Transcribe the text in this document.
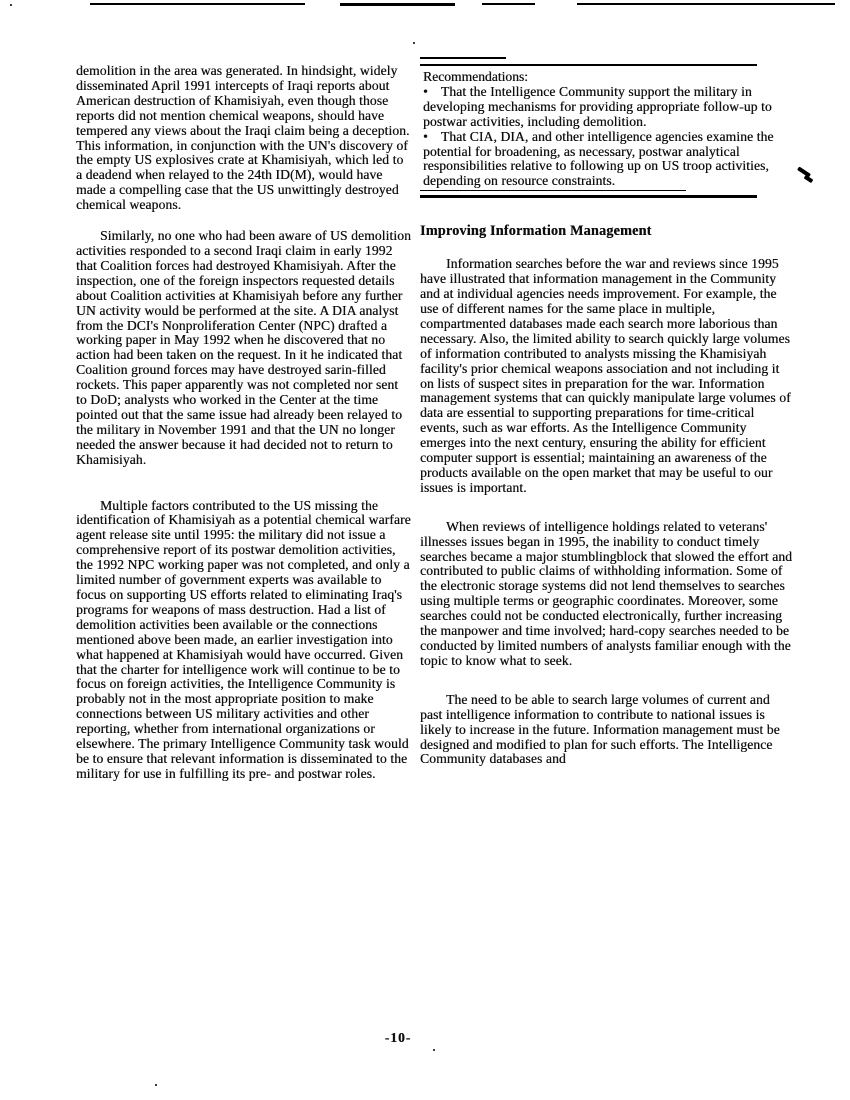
demolition in the area was generated. In hindsight, widely disseminated April 1991 intercepts of Iraqi reports about American destruction of Khamisiyah, even though those reports did not mention chemical weapons, should have tempered any views about the Iraqi claim being a deception. This information, in conjunction with the UN's discovery of the empty US explosives crate at Khamisiyah, which led to a deadend when relayed to the 24th ID(M), would have made a compelling case that the US unwittingly destroyed chemical weapons.

Similarly, no one who had been aware of US demolition activities responded to a second Iraqi claim in early 1992 that Coalition forces had destroyed Khamisiyah. After the inspection, one of the foreign inspectors requested details about Coalition activities at Khamisiyah before any further UN activity would be performed at the site. A DIA analyst from the DCI's Nonproliferation Center (NPC) drafted a working paper in May 1992 when he discovered that no action had been taken on the request. In it he indicated that Coalition ground forces may have destroyed sarin-filled rockets. This paper apparently was not completed nor sent to DoD; analysts who worked in the Center at the time pointed out that the same issue had already been relayed to the military in November 1991 and that the UN no longer needed the answer because it had decided not to return to Khamisiyah.

Multiple factors contributed to the US missing the identification of Khamisiyah as a potential chemical warfare agent release site until 1995: the military did not issue a comprehensive report of its postwar demolition activities, the 1992 NPC working paper was not completed, and only a limited number of government experts was available to focus on supporting US efforts related to eliminating Iraq's programs for weapons of mass destruction. Had a list of demolition activities been available or the connections mentioned above been made, an earlier investigation into what happened at Khamisiyah would have occurred. Given that the charter for intelligence work will continue to be to focus on foreign activities, the Intelligence Community is probably not in the most appropriate position to make connections between US military activities and other reporting, whether from international organizations or elsewhere. The primary Intelligence Community task would be to ensure that relevant information is disseminated to the military for use in fulfilling its pre- and postwar roles.

Recommendations:
• That the Intelligence Community support the military in developing mechanisms for providing appropriate follow-up to postwar activities, including demolition.
• That CIA, DIA, and other intelligence agencies examine the potential for broadening, as necessary, postwar analytical responsibilities relative to following up on US troop activities, depending on resource constraints.
Improving Information Management

Information searches before the war and reviews since 1995 have illustrated that information management in the Community and at individual agencies needs improvement. For example, the use of different names for the same place in multiple, compartmented databases made each search more laborious than necessary. Also, the limited ability to search quickly large volumes of information contributed to analysts missing the Khamisiyah facility's prior chemical weapons association and not including it on lists of suspect sites in preparation for the war. Information management systems that can quickly manipulate large volumes of data are essential to supporting preparations for time-critical events, such as war efforts. As the Intelligence Community emerges into the next century, ensuring the ability for efficient computer support is essential; maintaining an awareness of the products available on the open market that may be useful to our issues is important.

When reviews of intelligence holdings related to veterans' illnesses issues began in 1995, the inability to conduct timely searches became a major stumblingblock that slowed the effort and contributed to public claims of withholding information. Some of the electronic storage systems did not lend themselves to searches using multiple terms or geographic coordinates. Moreover, some searches could not be conducted electronically, further increasing the manpower and time involved; hard-copy searches needed to be conducted by limited numbers of analysts familiar enough with the topic to know what to seek.

The need to be able to search large volumes of current and past intelligence information to contribute to national issues is likely to increase in the future. Information management must be designed and modified to plan for such efforts. The Intelligence Community databases and

-10-
